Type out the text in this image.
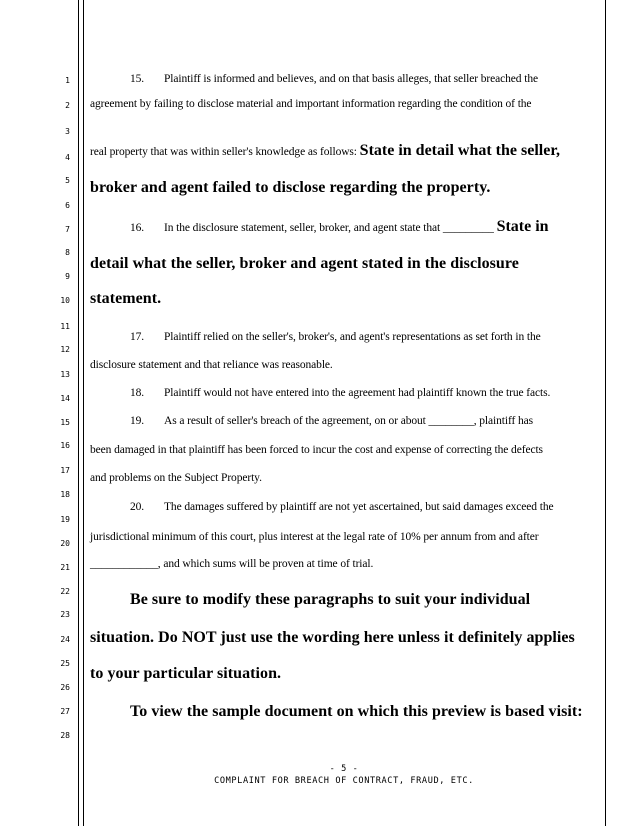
1
2
3
4
5
6
7
8
9
10
11
12
13
14
15
16
17
18
19
20
21
22
23
24
25
26
27
28
15. Plaintiff is informed and believes, and on that basis alleges, that seller breached the
agreement by failing to disclose material and important information regarding the condition of the
real property that was within seller's knowledge as follows: State in detail what the seller,
broker and agent failed to disclose regarding the property.
16. In the disclosure statement, seller, broker, and agent state that _________ State in
detail what the seller, broker and agent stated in the disclosure
statement.
17. Plaintiff relied on the seller's, broker's, and agent's representations as set forth in the
disclosure statement and that reliance was reasonable.
18. Plaintiff would not have entered into the agreement had plaintiff known the true facts.
19. As a result of seller's breach of the agreement, on or about ________, plaintiff has
been damaged in that plaintiff has been forced to incur the cost and expense of correcting the defects
and problems on the Subject Property.
20. The damages suffered by plaintiff are not yet ascertained, but said damages exceed the
jurisdictional minimum of this court, plus interest at the legal rate of 10% per annum from and after
____________, and which sums will be proven at time of trial.
Be sure to modify these paragraphs to suit your individual
situation. Do NOT just use the wording here unless it definitely applies
to your particular situation.
To view the sample document on which this preview is based visit:
- 5 -
COMPLAINT FOR BREACH OF CONTRACT, FRAUD, ETC.
